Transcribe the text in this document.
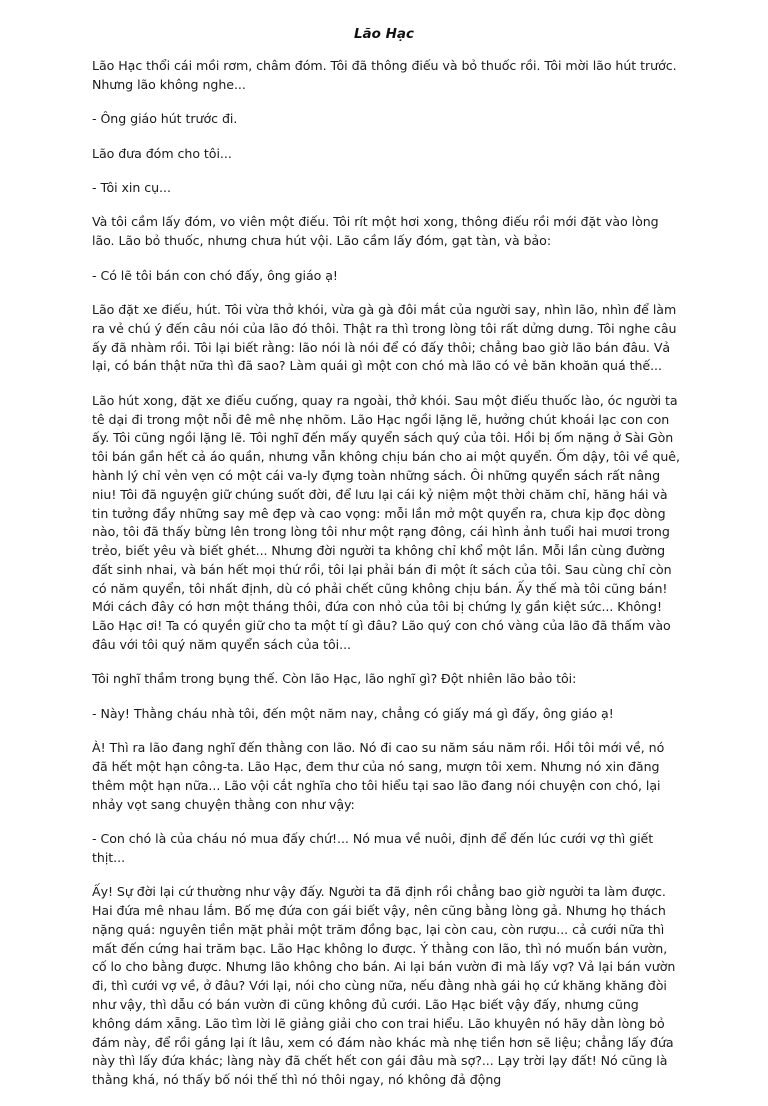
Lão Hạc

Lão Hạc thổi cái mồi rơm, châm đóm. Tôi đã thông điếu và bỏ thuốc rồi. Tôi mời lão hút trước. Nhưng lão không nghe...

- Ông giáo hút trước đi.

Lão đưa đóm cho tôi...

- Tôi xin cụ...

Và tôi cầm lấy đóm, vo viên một điếu. Tôi rít một hơi xong, thông điếu rồi mới đặt vào lòng lão. Lão bỏ thuốc, nhưng chưa hút vội. Lão cầm lấy đóm, gạt tàn, và bảo:

- Có lẽ tôi bán con chó đấy, ông giáo ạ!

Lão đặt xe điếu, hút. Tôi vừa thở khói, vừa gà gà đôi mắt của người say, nhìn lão, nhìn để làm ra vẻ chú ý đến câu nói của lão đó thôi. Thật ra thì trong lòng tôi rất dửng dưng. Tôi nghe câu ấy đã nhàm rồi. Tôi lại biết rằng: lão nói là nói để có đấy thôi; chẳng bao giờ lão bán đâu. Vả lại, có bán thật nữa thì đã sao? Làm quái gì một con chó mà lão có vẻ băn khoăn quá thế...

Lão hút xong, đặt xe điếu cuống, quay ra ngoài, thở khói. Sau một điếu thuốc lào, óc người ta tê dại đi trong một nỗi đê mê nhẹ nhõm. Lão Hạc ngồi lặng lẽ, hưởng chút khoái lạc con con ấy. Tôi cũng ngồi lặng lẽ. Tôi nghĩ đến mấy quyển sách quý của tôi. Hồi bị ốm nặng ở Sài Gòn tôi bán gần hết cả áo quần, nhưng vẫn không chịu bán cho ai một quyển. Ốm dậy, tôi về quê, hành lý chỉ vẻn vẹn có một cái va-ly đựng toàn những sách. Ôi những quyển sách rất nâng niu! Tôi đã nguyện giữ chúng suốt đời, để lưu lại cái kỷ niệm một thời chăm chỉ, hăng hái và tin tưởng đầy những say mê đẹp và cao vọng: mỗi lần mở một quyển ra, chưa kịp đọc dòng nào, tôi đã thấy bừng lên trong lòng tôi như một rạng đông, cái hình ảnh tuổi hai mươi trong trẻo, biết yêu và biết ghét... Nhưng đời người ta không chỉ khổ một lần. Mỗi lần cùng đường đất sinh nhai, và bán hết mọi thứ rồi, tôi lại phải bán đi một ít sách của tôi. Sau cùng chỉ còn có năm quyển, tôi nhất định, dù có phải chết cũng không chịu bán. Ấy thế mà tôi cũng bán! Mới cách đây có hơn một tháng thôi, đứa con nhỏ của tôi bị chứng lỵ gần kiệt sức... Không! Lão Hạc ơi! Ta có quyền giữ cho ta một tí gì đâu? Lão quý con chó vàng của lão đã thấm vào đâu với tôi quý năm quyển sách của tôi...

Tôi nghĩ thầm trong bụng thế. Còn lão Hạc, lão nghĩ gì? Đột nhiên lão bảo tôi:

- Này! Thằng cháu nhà tôi, đến một năm nay, chẳng có giấy má gì đấy, ông giáo ạ!

À! Thì ra lão đang nghĩ đến thằng con lão. Nó đi cao su năm sáu năm rồi. Hồi tôi mới về, nó đã hết một hạn công-ta. Lão Hạc, đem thư của nó sang, mượn tôi xem. Nhưng nó xin đăng thêm một hạn nữa... Lão vội cắt nghĩa cho tôi hiểu tại sao lão đang nói chuyện con chó, lại nhảy vọt sang chuyện thằng con như vậy:

- Con chó là của cháu nó mua đấy chứ!... Nó mua về nuôi, định để đến lúc cưới vợ thì giết thịt...

Ấy! Sự đời lại cứ thường như vậy đấy. Người ta đã định rồi chẳng bao giờ người ta làm được. Hai đứa mê nhau lắm. Bố mẹ đứa con gái biết vậy, nên cũng bằng lòng gả. Nhưng họ thách nặng quá: nguyên tiền mặt phải một trăm đồng bạc, lại còn cau, còn rượu... cả cưới nữa thì mất đến cứng hai trăm bạc. Lão Hạc không lo được. Ý thằng con lão, thì nó muốn bán vườn, cố lo cho bằng được. Nhưng lão không cho bán. Ai lại bán vườn đi mà lấy vợ? Vả lại bán vườn đi, thì cưới vợ về, ở đâu? Với lại, nói cho cùng nữa, nếu đằng nhà gái họ cứ khăng khăng đòi như vậy, thì dẫu có bán vườn đi cũng không đủ cưới. Lão Hạc biết vậy đấy, nhưng cũng không dám xẵng. Lão tìm lời lẽ giảng giải cho con trai hiểu. Lão khuyên nó hãy dằn lòng bỏ đám này, để rồi gắng lại ít lâu, xem có đám nào khác mà nhẹ tiền hơn sẽ liệu; chẳng lấy đứa này thì lấy đứa khác; làng này đã chết hết con gái đâu mà sợ?... Lạy trời lạy đất! Nó cũng là thằng khá, nó thấy bố nói thế thì nó thôi ngay, nó không đả động
